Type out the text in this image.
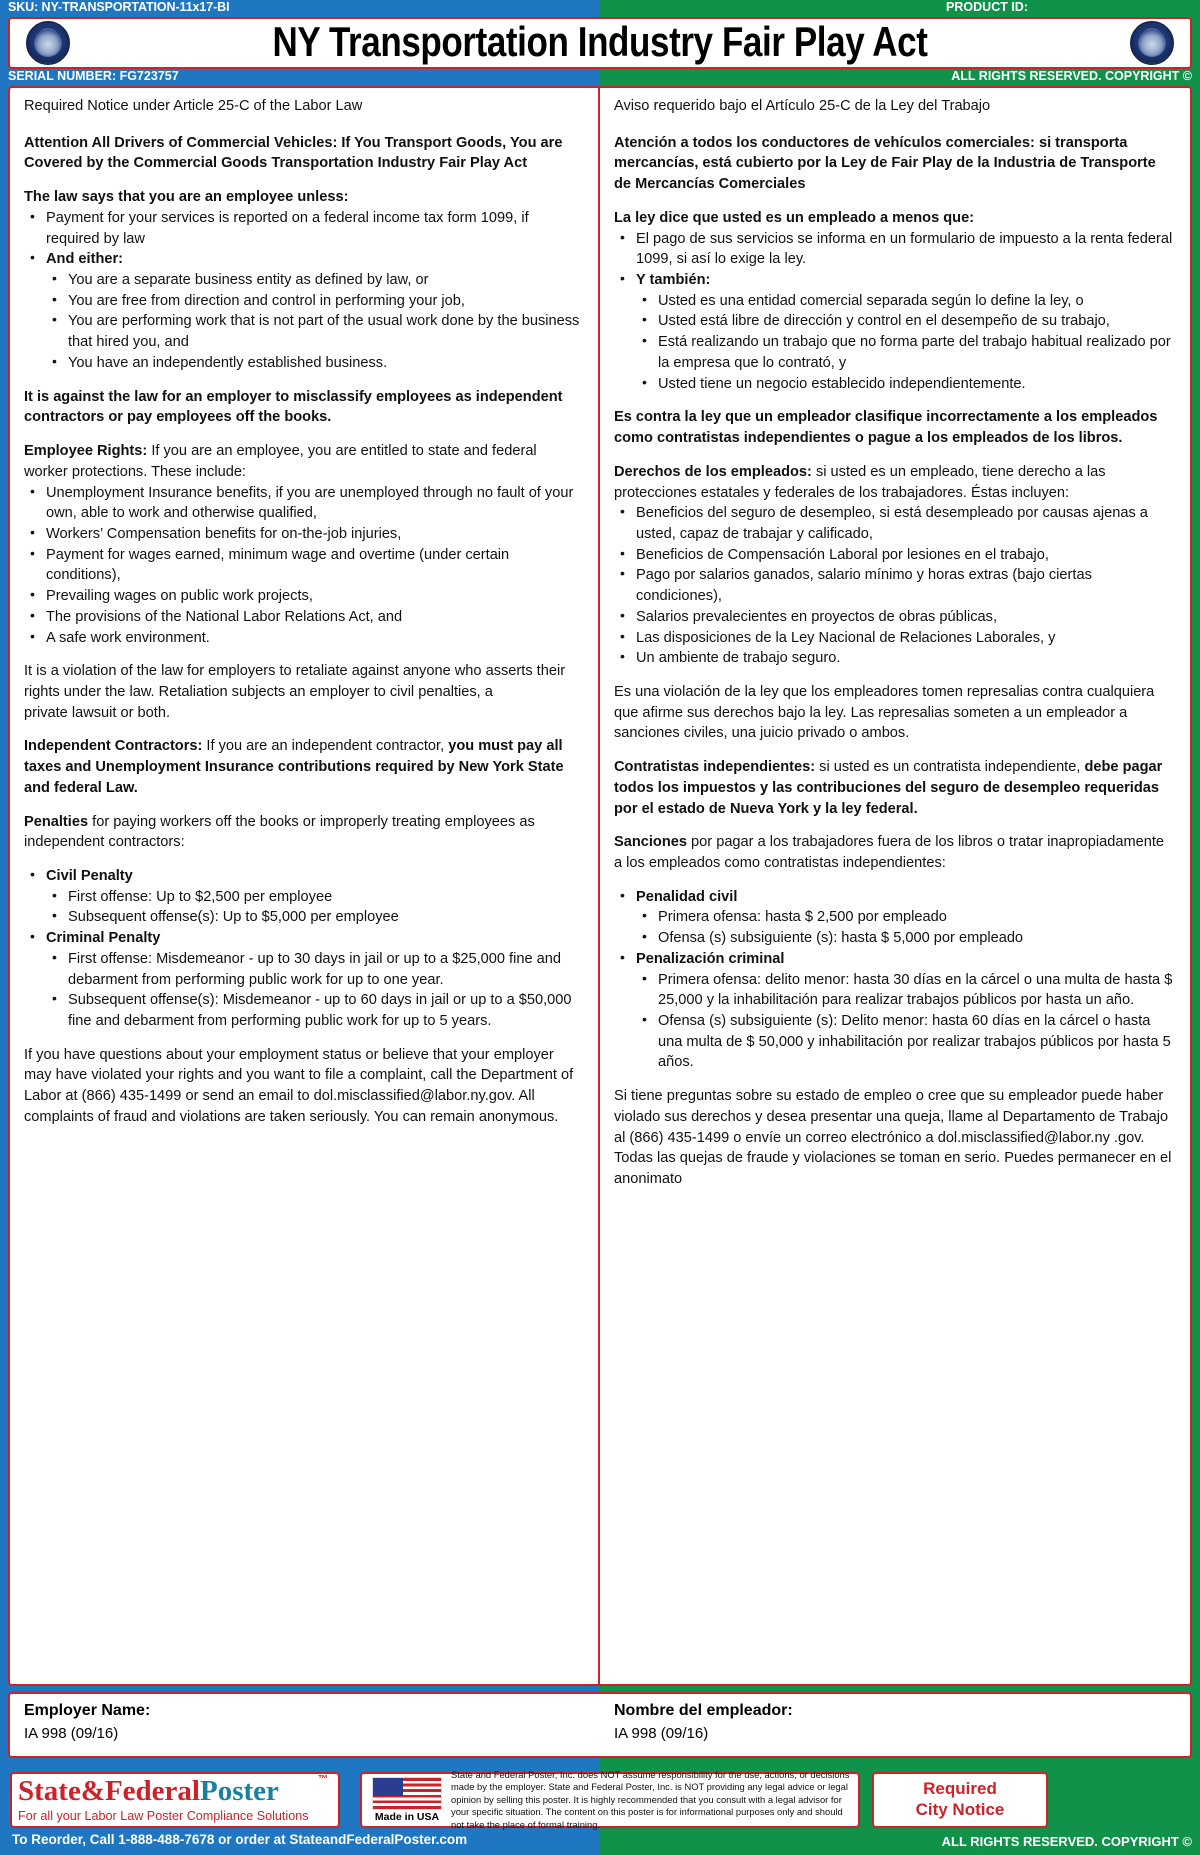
SKU: NY-TRANSPORTATION-11x17-BI	PRODUCT ID:
NY Transportation Industry Fair Play Act
SERIAL NUMBER: FG723757	ALL RIGHTS RESERVED. COPYRIGHT ©

Required Notice under Article 25-C of the Labor Law

Attention All Drivers of Commercial Vehicles: If You Transport Goods, You are Covered by the Commercial Goods Transportation Industry Fair Play Act

The law says that you are an employee unless:

• Payment for your services is reported on a federal income tax form 1099, if required by law
• And either:
• You are a separate business entity as defined by law, or
• You are free from direction and control in performing your job,
• You are performing work that is not part of the usual work done by the business that hired you, and
• You have an independently established business.

It is against the law for an employer to misclassify employees as independent contractors or pay employees off the books.

Employee Rights: If you are an employee, you are entitled to state and federal worker protections. These include:

• Unemployment Insurance benefits, if you are unemployed through no fault of your own, able to work and otherwise qualified,
• Workers’ Compensation benefits for on-the-job injuries,
• Payment for wages earned, minimum wage and overtime (under certain conditions),
• Prevailing wages on public work projects,
• The provisions of the National Labor Relations Act, and
• A safe work environment.

It is a violation of the law for employers to retaliate against anyone who asserts their rights under the law. Retaliation subjects an employer to civil penalties, a

private lawsuit or both.

Independent Contractors: If you are an independent contractor, you must pay all taxes and Unemployment Insurance contributions required by New York State and federal Law.

Penalties for paying workers off the books or improperly treating employees as independent contractors:

• Civil Penalty
• First offense: Up to $2,500 per employee
• Subsequent offense(s): Up to $5,000 per employee
• Criminal Penalty
• First offense: Misdemeanor - up to 30 days in jail or up to a $25,000 fine and debarment from performing public work for up to one year.
• Subsequent offense(s): Misdemeanor - up to 60 days in jail or up to a $50,000 fine and debarment from performing public work for up to 5 years.

If you have questions about your employment status or believe that your employer may have violated your rights and you want to file a complaint, call the Department of Labor at (866) 435-1499 or send an email to dol.misclassified@labor.ny.gov. All complaints of fraud and violations are taken seriously. You can remain anonymous.

Aviso requerido bajo el Artículo 25-C de la Ley del Trabajo

Atención a todos los conductores de vehículos comerciales: si transporta mercancías, está cubierto por la Ley de Fair Play de la Industria de Transporte de Mercancías Comerciales

La ley dice que usted es un empleado a menos que:

• El pago de sus servicios se informa en un formulario de impuesto a la renta federal 1099, si así lo exige la ley.
• Y también:
• Usted es una entidad comercial separada según lo define la ley, o
• Usted está libre de dirección y control en el desempeño de su trabajo,
• Está realizando un trabajo que no forma parte del trabajo habitual realizado por la empresa que lo contrató, y
• Usted tiene un negocio establecido independientemente.

Es contra la ley que un empleador clasifique incorrectamente a los empleados como contratistas independientes o pague a los empleados de los libros.

Derechos de los empleados: si usted es un empleado, tiene derecho a las protecciones estatales y federales de los trabajadores. Éstas incluyen:

• Beneficios del seguro de desempleo, si está desempleado por causas ajenas a usted, capaz de trabajar y calificado,
• Beneficios de Compensación Laboral por lesiones en el trabajo,
• Pago por salarios ganados, salario mínimo y horas extras (bajo ciertas condiciones),
• Salarios prevalecientes en proyectos de obras públicas,
• Las disposiciones de la Ley Nacional de Relaciones Laborales, y
• Un ambiente de trabajo seguro.

Es una violación de la ley que los empleadores tomen represalias contra cualquiera que afirme sus derechos bajo la ley. Las represalias someten a un empleador a sanciones civiles, una juicio privado o ambos.

Contratistas independientes: si usted es un contratista independiente, debe pagar todos los impuestos y las contribuciones del seguro de desempleo requeridas por el estado de Nueva York y la ley federal.

Sanciones por pagar a los trabajadores fuera de los libros o tratar inapropiadamente a los empleados como contratistas independientes:

• Penalidad civil
• Primera ofensa: hasta $ 2,500 por empleado
• Ofensa (s) subsiguiente (s): hasta $ 5,000 por empleado
• Penalización criminal
• Primera ofensa: delito menor: hasta 30 días en la cárcel o una multa de hasta $ 25,000 y la inhabilitación para realizar trabajos públicos por hasta un año.
• Ofensa (s) subsiguiente (s): Delito menor: hasta 60 días en la cárcel o hasta una multa de $ 50,000 y inhabilitación por realizar trabajos públicos por hasta 5 años.

Si tiene preguntas sobre su estado de empleo o cree que su empleador puede haber violado sus derechos y desea presentar una queja, llame al Departamento de Trabajo al (866) 435-1499 o envíe un correo electrónico a dol.misclassified@labor.ny .gov. Todas las quejas de fraude y violaciones se toman en serio. Puedes permanecer en el anonimato

Employer Name:
IA 998 (09/16)
Nombre del empleador:
IA 998 (09/16)
State&FederalPoster	™
For all your Labor Law Poster Compliance Solutions
To Reorder, Call 1-888-488-7678 or order at StateandFederalPoster.com
Made in USA
State and Federal Poster, Inc. does NOT assume responsibility for the use, actions, or decisions made by the employer. State and Federal Poster, Inc. is NOT providing any legal advice or legal opinion by selling this poster. It is highly recommended that you consult with a legal advisor for your specific situation. The content on this poster is for informational purposes only and should not take the place of formal training.
Required
City Notice
ALL RIGHTS RESERVED. COPYRIGHT ©
